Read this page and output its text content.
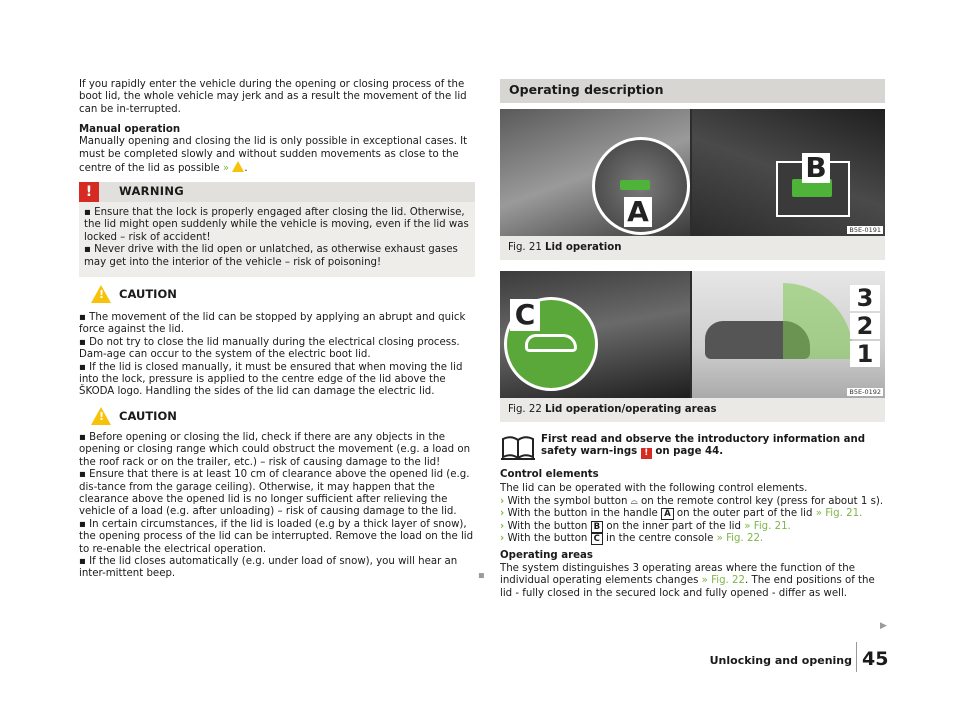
If you rapidly enter the vehicle during the opening or closing process of the boot lid, the whole vehicle may jerk and as a result the movement of the lid can be in-terrupted.

Manual operation

Manually opening and closing the lid is only possible in exceptional cases. It must be completed slowly and without sudden movements as close to the centre of the lid as possible » .

!	WARNING

▪ Ensure that the lock is properly engaged after closing the lid. Otherwise, the lid might open suddenly while the vehicle is moving, even if the lid was locked – risk of accident!

▪ Never drive with the lid open or unlatched, as otherwise exhaust gases may get into the interior of the vehicle – risk of poisoning!

! CAUTION

▪ The movement of the lid can be stopped by applying an abrupt and quick force against the lid.

▪ Do not try to close the lid manually during the electrical closing process. Dam-age can occur to the system of the electric boot lid.

▪ If the lid is closed manually, it must be ensured that when moving the lid into the lock, pressure is applied to the centre edge of the lid above the ŠKODA logo. Handling the sides of the lid can damage the electric lid.

! CAUTION

▪ Before opening or closing the lid, check if there are any objects in the opening or closing range which could obstruct the movement (e.g. a load on the roof rack or on the trailer, etc.) – risk of causing damage to the lid!

▪ Ensure that there is at least 10 cm of clearance above the opened lid (e.g. dis-tance from the garage ceiling). Otherwise, it may happen that the clearance above the opened lid is no longer sufficient after relieving the vehicle of a load (e.g. after unloading) – risk of causing damage to the lid.

▪ In certain circumstances, if the lid is loaded (e.g by a thick layer of snow), the opening process of the lid can be interrupted. Remove the load on the lid to re-enable the electrical operation.

▪ If the lid closes automatically (e.g. under load of snow), you will hear an inter-mittent beep.	◾
Operating description
A
B
B5E-0191
Fig. 21 Lid operation
C	3
2
1
B5E-0192
Fig. 22 Lid operation/operating areas
First read and observe the introductory information and safety warn-ings ! on page 44.

Control elements

The lid can be operated with the following control elements.

› With the symbol button ⌓ on the remote control key (press for about 1 s).

› With the button in the handle A on the outer part of the lid » Fig. 21.

› With the button B on the inner part of the lid » Fig. 21.

› With the button C in the centre console » Fig. 22.

Operating areas

The system distinguishes 3 operating areas where the function of the individual operating elements changes » Fig. 22. The end positions of the lid - fully closed in the secured lock and fully opened - differ as well.

▶
Unlocking and opening 45
